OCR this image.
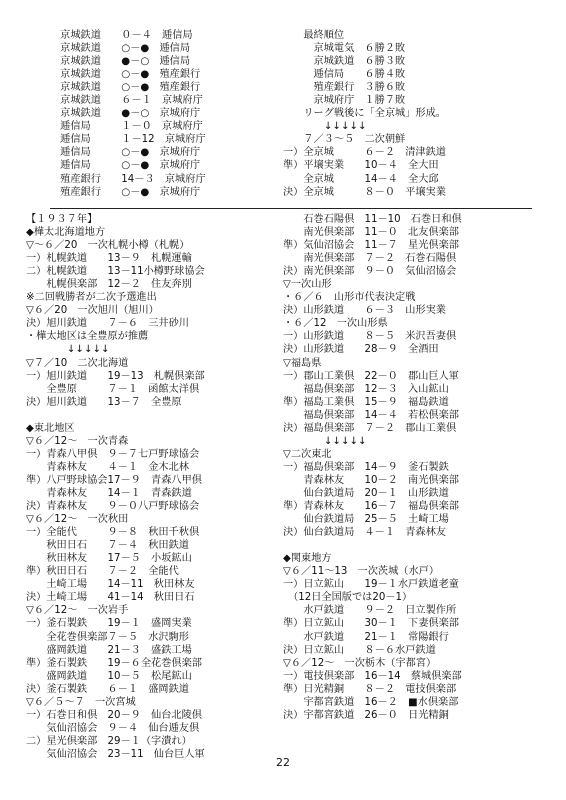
　京城鉄道　　０－４　逓信局
　京城鉄道　　○－●　逓信局
　京城鉄道　　●－○　逓信局
　京城鉄道　　○－●　殖産銀行
　京城鉄道　　○－●　殖産銀行
　京城鉄道　　６－１　京城府庁
　京城鉄道　　●－○　京城府庁
　逓信局　　　１－０　京城府庁
　逓信局　　　１－12　京城府庁
　逓信局　　　○－●　京城府庁
　逓信局　　　○－●　京城府庁
　殖産銀行　　14－３　京城府庁
　殖産銀行　　○－●　京城府庁
　　最終順位
　　　京城電気　６勝２敗
　　　京城鉄道　６勝３敗
　　　逓信局　　６勝４敗
　　　殖産銀行　３勝６敗
　　　京城府庁　１勝７敗
　　リーグ戦後に「全京城」形成。
　　　　↓↓↓↓↓
　　７／３～５　二次朝鮮
一）全京城　　　６－２　清津鉄道
準）平壌実業　　10－４　全大田
　　全京城　　　14－４　全大邱
決）全京城　　　８－０　平壌実業
【１９３７年】
◆樺太北海道地方
▽～６／20　一次札幌小樽（札幌）
一）札幌鉄道　　13－９　札幌運輸
二）札幌鉄道　　13－11小樽野球協会
　　札幌倶楽部　12－２　住友奔別
※二回戦勝者が二次予選進出
▽６／20　一次旭川（旭川）
決）旭川鉄道　　７－６　三井砂川
・樺太地区は全豊原が推薦
　　　　↓↓↓↓↓
▽７／10　二次北海道
一）旭川鉄道　　19－13　札幌倶楽部
　　全豊原　　　７－１　函館太洋倶
決）旭川鉄道　　13－７　全豊原
◆東北地区
▽６／12～　一次青森
一）青森八甲倶　９－７七戸野球協会
　　青森林友　　４－１　金木北林
準）八戸野球協会17－９　青森八甲倶
　　青森林友　　14－１　青森鉄道
決）青森林友　　９－０八戸野球協会
▽６／12～　一次秋田
一）全能代　　　９－８　秋田千秋倶
　　秋田日石　　７－４　秋田鉄道
　　秋田林友　　17－５　小坂鉱山
準）秋田日石　　７－２　全能代
　　土崎工場　　14－11　秋田林友
決）土崎工場　　41－14　秋田日石
▽６／12～　一次岩手
一）釜石製鉄　　19－１　盛岡実業
　　全花巻倶楽部７－５　水沢駒形
　　盛岡鉄道　　21－３　盛鉄工場
準）釜石製鉄　　19－６全花巻倶楽部
　　盛岡鉄道　　10－５　松尾鉱山
決）釜石製鉄　　６－１　盛岡鉄道
▽６／５～７　一次宮城
一）石巻日和倶　20－９　仙台北陵倶
　　気仙沼協会　９－４　仙台逓友倶
二）星光倶楽部　29－１（字潰れ）
　　気仙沼協会　23－11　仙台巨人軍
　　石巻石陽倶　11－10　石巻日和倶
　　南光倶楽部　11－０　北友倶楽部
準）気仙沼協会　11－７　星光倶楽部
　　南光倶楽部　７－２　石巻石陽倶
決）南光倶楽部　９－０　気仙沼協会
▽一次山形
・６／６　山形市代表決定戦
決）山形鉄道　　６－３　山形実業
・６／12　一次山形県
一）山形鉄道　　８－５　米沢吾妻倶
決）山形鉄道　　28－９　全酒田
▽福島県
一）郡山工業倶　22－０　郡山巨人軍
　　福島倶楽部　12－３　入山鉱山
準）福島工業倶　15－９　福島鉄道
　　福島倶楽部　14－４　若松倶楽部
決）福島倶楽部　７－２　郡山工業倶
　　　　↓↓↓↓↓
▽二次東北
一）福島倶楽部　14－９　釜石製鉄
　　青森林友　　10－２　南光倶楽部
　　仙台鉄道局　20－１　山形鉄道
準）青森林友　　16－７　福島倶楽部
　　仙台鉄道局　25－５　土崎工場
決）仙台鉄道局　４－１　青森林友
◆関東地方
▽６／11～13　一次茨城（水戸）
一）日立鉱山　　19－１水戸鉄道老童
　（12日全国版では20－1）
　　水戸鉄道　　９－２　日立製作所
準）日立鉱山　　30－１　下妻倶楽部
　　水戸鉄道　　21－１　常陽銀行
決）日立鉱山　　８－６水戸鉄道
▽６／12～　一次栃木（宇都宮）
一）電技倶楽部　16－14　蔡城倶楽部
準）日光精銅　　８－２　電技倶楽部
　　宇都宮鉄道　16－２　■水倶楽部
決）宇都宮鉄道　26－０　日光精銅
22
